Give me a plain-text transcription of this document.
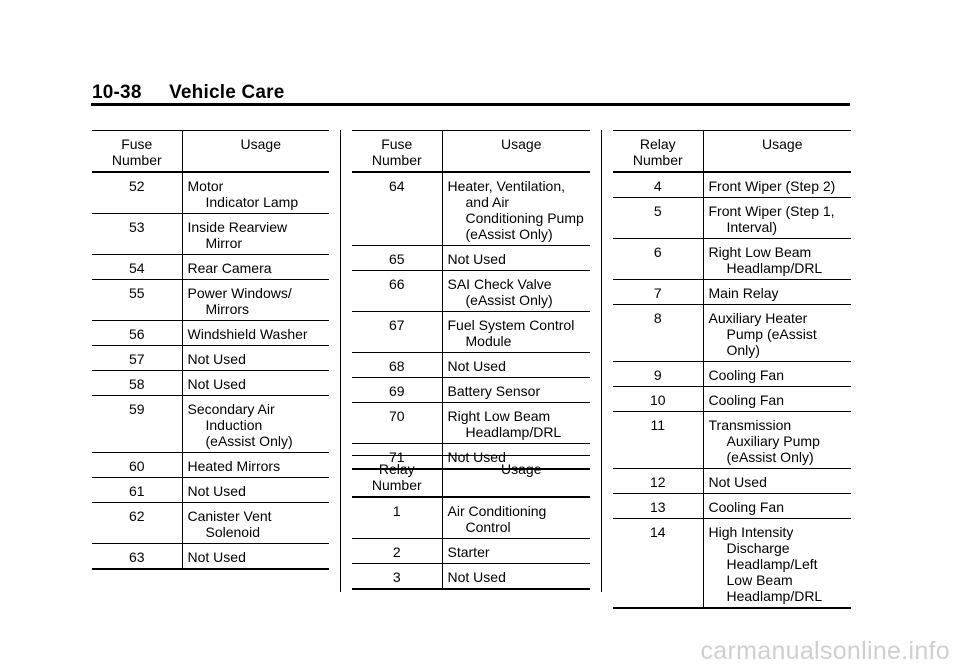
10-38 Vehicle Care
Fuse
Number	Usage
52	Motor
Indicator Lamp

53	Inside Rearview Mirror

54	Rear Camera

55	Power Windows/ Mirrors

56	Windshield Washer

57	Not Used

58	Not Used

59	Secondary Air Induction
(eAssist Only)

60	Heated Mirrors

61	Not Used

62	Canister Vent Solenoid

63	Not Used
Fuse
Number	Usage
64	Heater, Ventilation, and Air Conditioning Pump (eAssist Only)

65	Not Used

66	SAI Check Valve (eAssist Only)

67	Fuel System Control Module

68	Not Used

69	Battery Sensor

70	Right Low Beam Headlamp/DRL

71	Not Used
Relay
Number	Usage
1	Air Conditioning Control

2	Starter

3	Not Used
Relay
Number	Usage
4	Front Wiper (Step 2)

5	Front Wiper (Step 1, Interval)

6	Right Low Beam Headlamp/DRL

7	Main Relay

8	Auxiliary Heater Pump (eAssist Only)

9	Cooling Fan

10	Cooling Fan

11	Transmission Auxiliary Pump (eAssist Only)

12	Not Used

13	Cooling Fan

14	High Intensity Discharge Headlamp/Left Low Beam Headlamp/DRL
carmanualsonline.info
